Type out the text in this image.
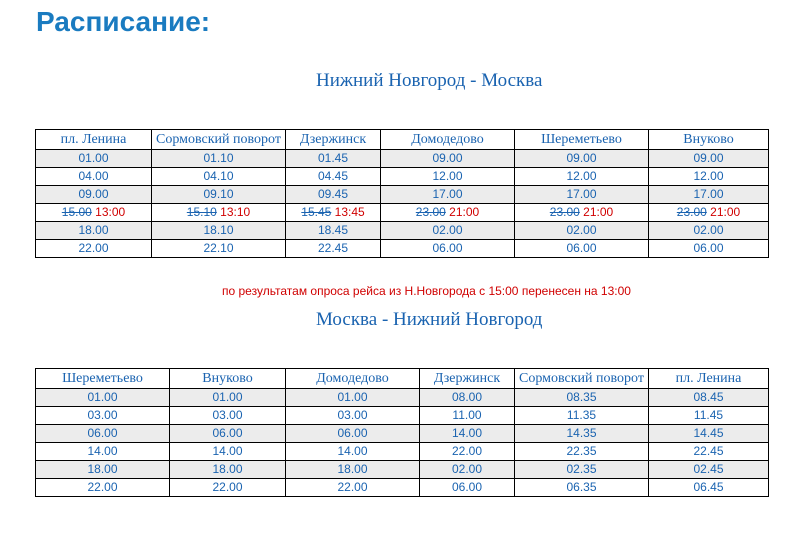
Расписание:
Нижний Новгород - Москва
пл. Ленина	Сормовский поворот	Дзержинск	Домодедово	Шереметьево	Внуково
01.00	01.10	01.45	09.00	09.00	09.00
04.00	04.10	04.45	12.00	12.00	12.00
09.00	09.10	09.45	17.00	17.00	17.00
15.00 13:00	15.10 13:10	15.45 13:45	23.00 21:00	23.00 21:00	23.00 21:00
18.00	18.10	18.45	02.00	02.00	02.00
22.00	22.10	22.45	06.00	06.00	06.00
по результатам опроса рейса из Н.Новгорода с 15:00 перенесен на 13:00
Москва - Нижний Новгород
Шереметьево	Внуково	Домодедово	Дзержинск	Сормовский поворот	пл. Ленина
01.00	01.00	01.00	08.00	08.35	08.45
03.00	03.00	03.00	11.00	11.35	11.45
06.00	06.00	06.00	14.00	14.35	14.45
14.00	14.00	14.00	22.00	22.35	22.45
18.00	18.00	18.00	02.00	02.35	02.45
22.00	22.00	22.00	06.00	06.35	06.45
